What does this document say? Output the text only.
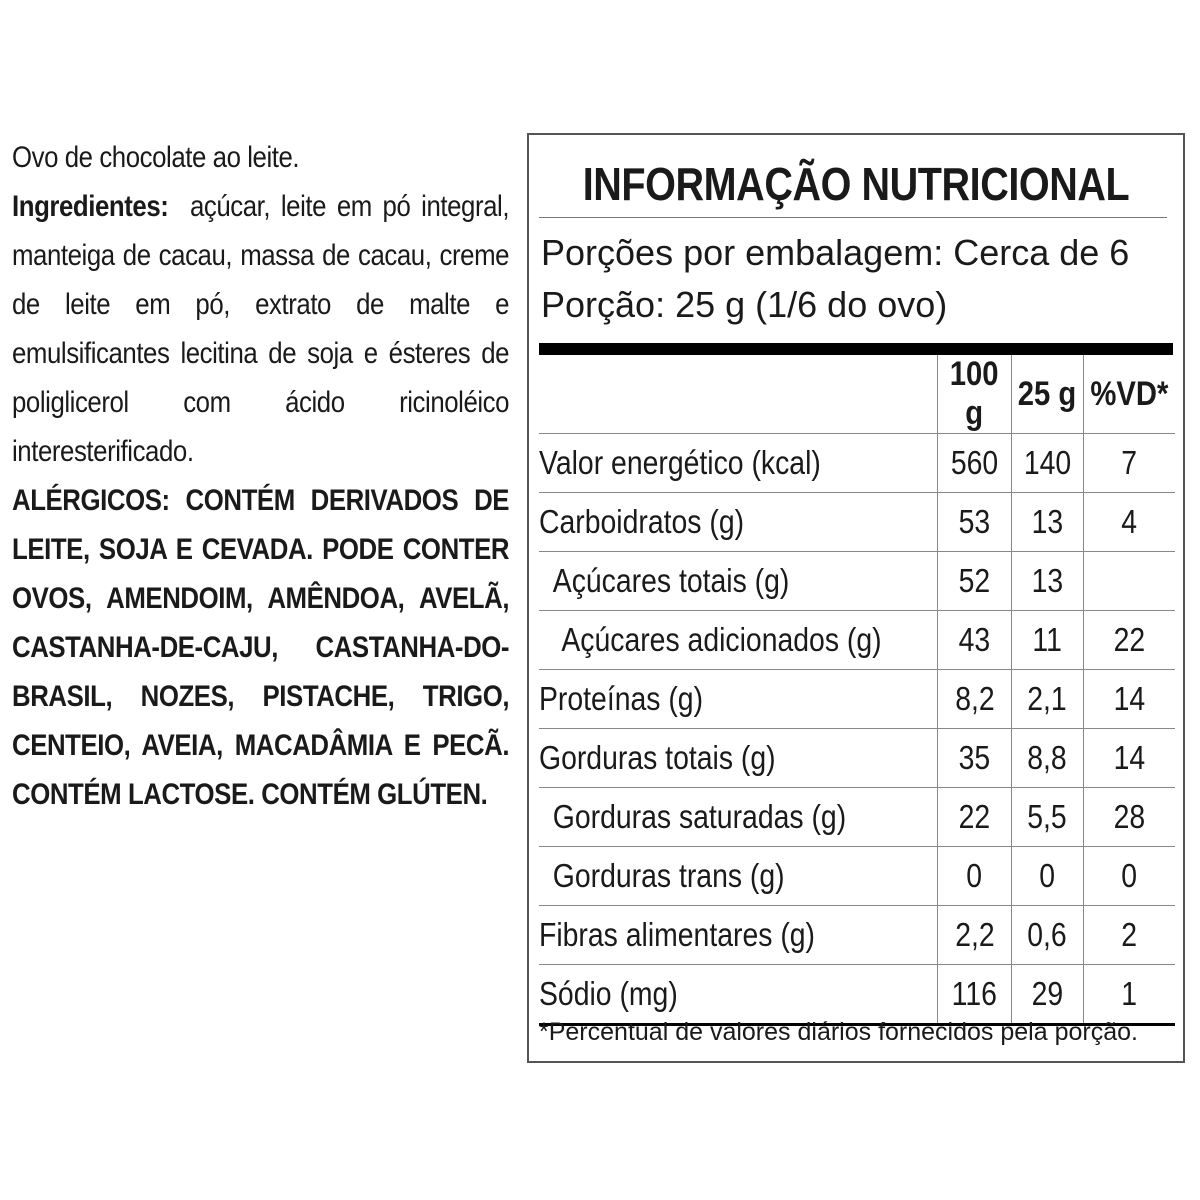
Ovo de chocolate ao leite.

Ingredientes: açúcar, leite em pó integral, manteiga de cacau, massa de cacau, creme de leite em pó, extrato de malte e emulsificantes lecitina de soja e ésteres de poliglicerol com ácido ricinoléico interesterificado.

ALÉRGICOS: CONTÉM DERIVADOS DE LEITE, SOJA E CEVADA. PODE CONTER OVOS, AMENDOIM, AMÊNDOA, AVELÃ, CASTANHA-DE-CAJU, CASTANHA-DO-BRASIL, NOZES, PISTACHE, TRIGO, CENTEIO, AVEIA, MACADÂMIA E PECÃ. CONTÉM LACTOSE. CONTÉM GLÚTEN.

INFORMAÇÃO NUTRICIONAL
Porções por embalagem: Cerca de 6
Porção: 25 g (1/6 do ovo)
	100 g	25 g	%VD*
Valor energético (kcal)	560	140	7
Carboidratos (g)	53	13	4
Açúcares totais (g)	52	13	
Açúcares adicionados (g)	43	11	22
Proteínas (g)	8,2	2,1	14
Gorduras totais (g)	35	8,8	14
Gorduras saturadas (g)	22	5,5	28
Gorduras trans (g)	0	0	0
Fibras alimentares (g)	2,2	0,6	2
Sódio (mg)	116	29	1
*Percentual de valores diários fornecidos pela porção.
